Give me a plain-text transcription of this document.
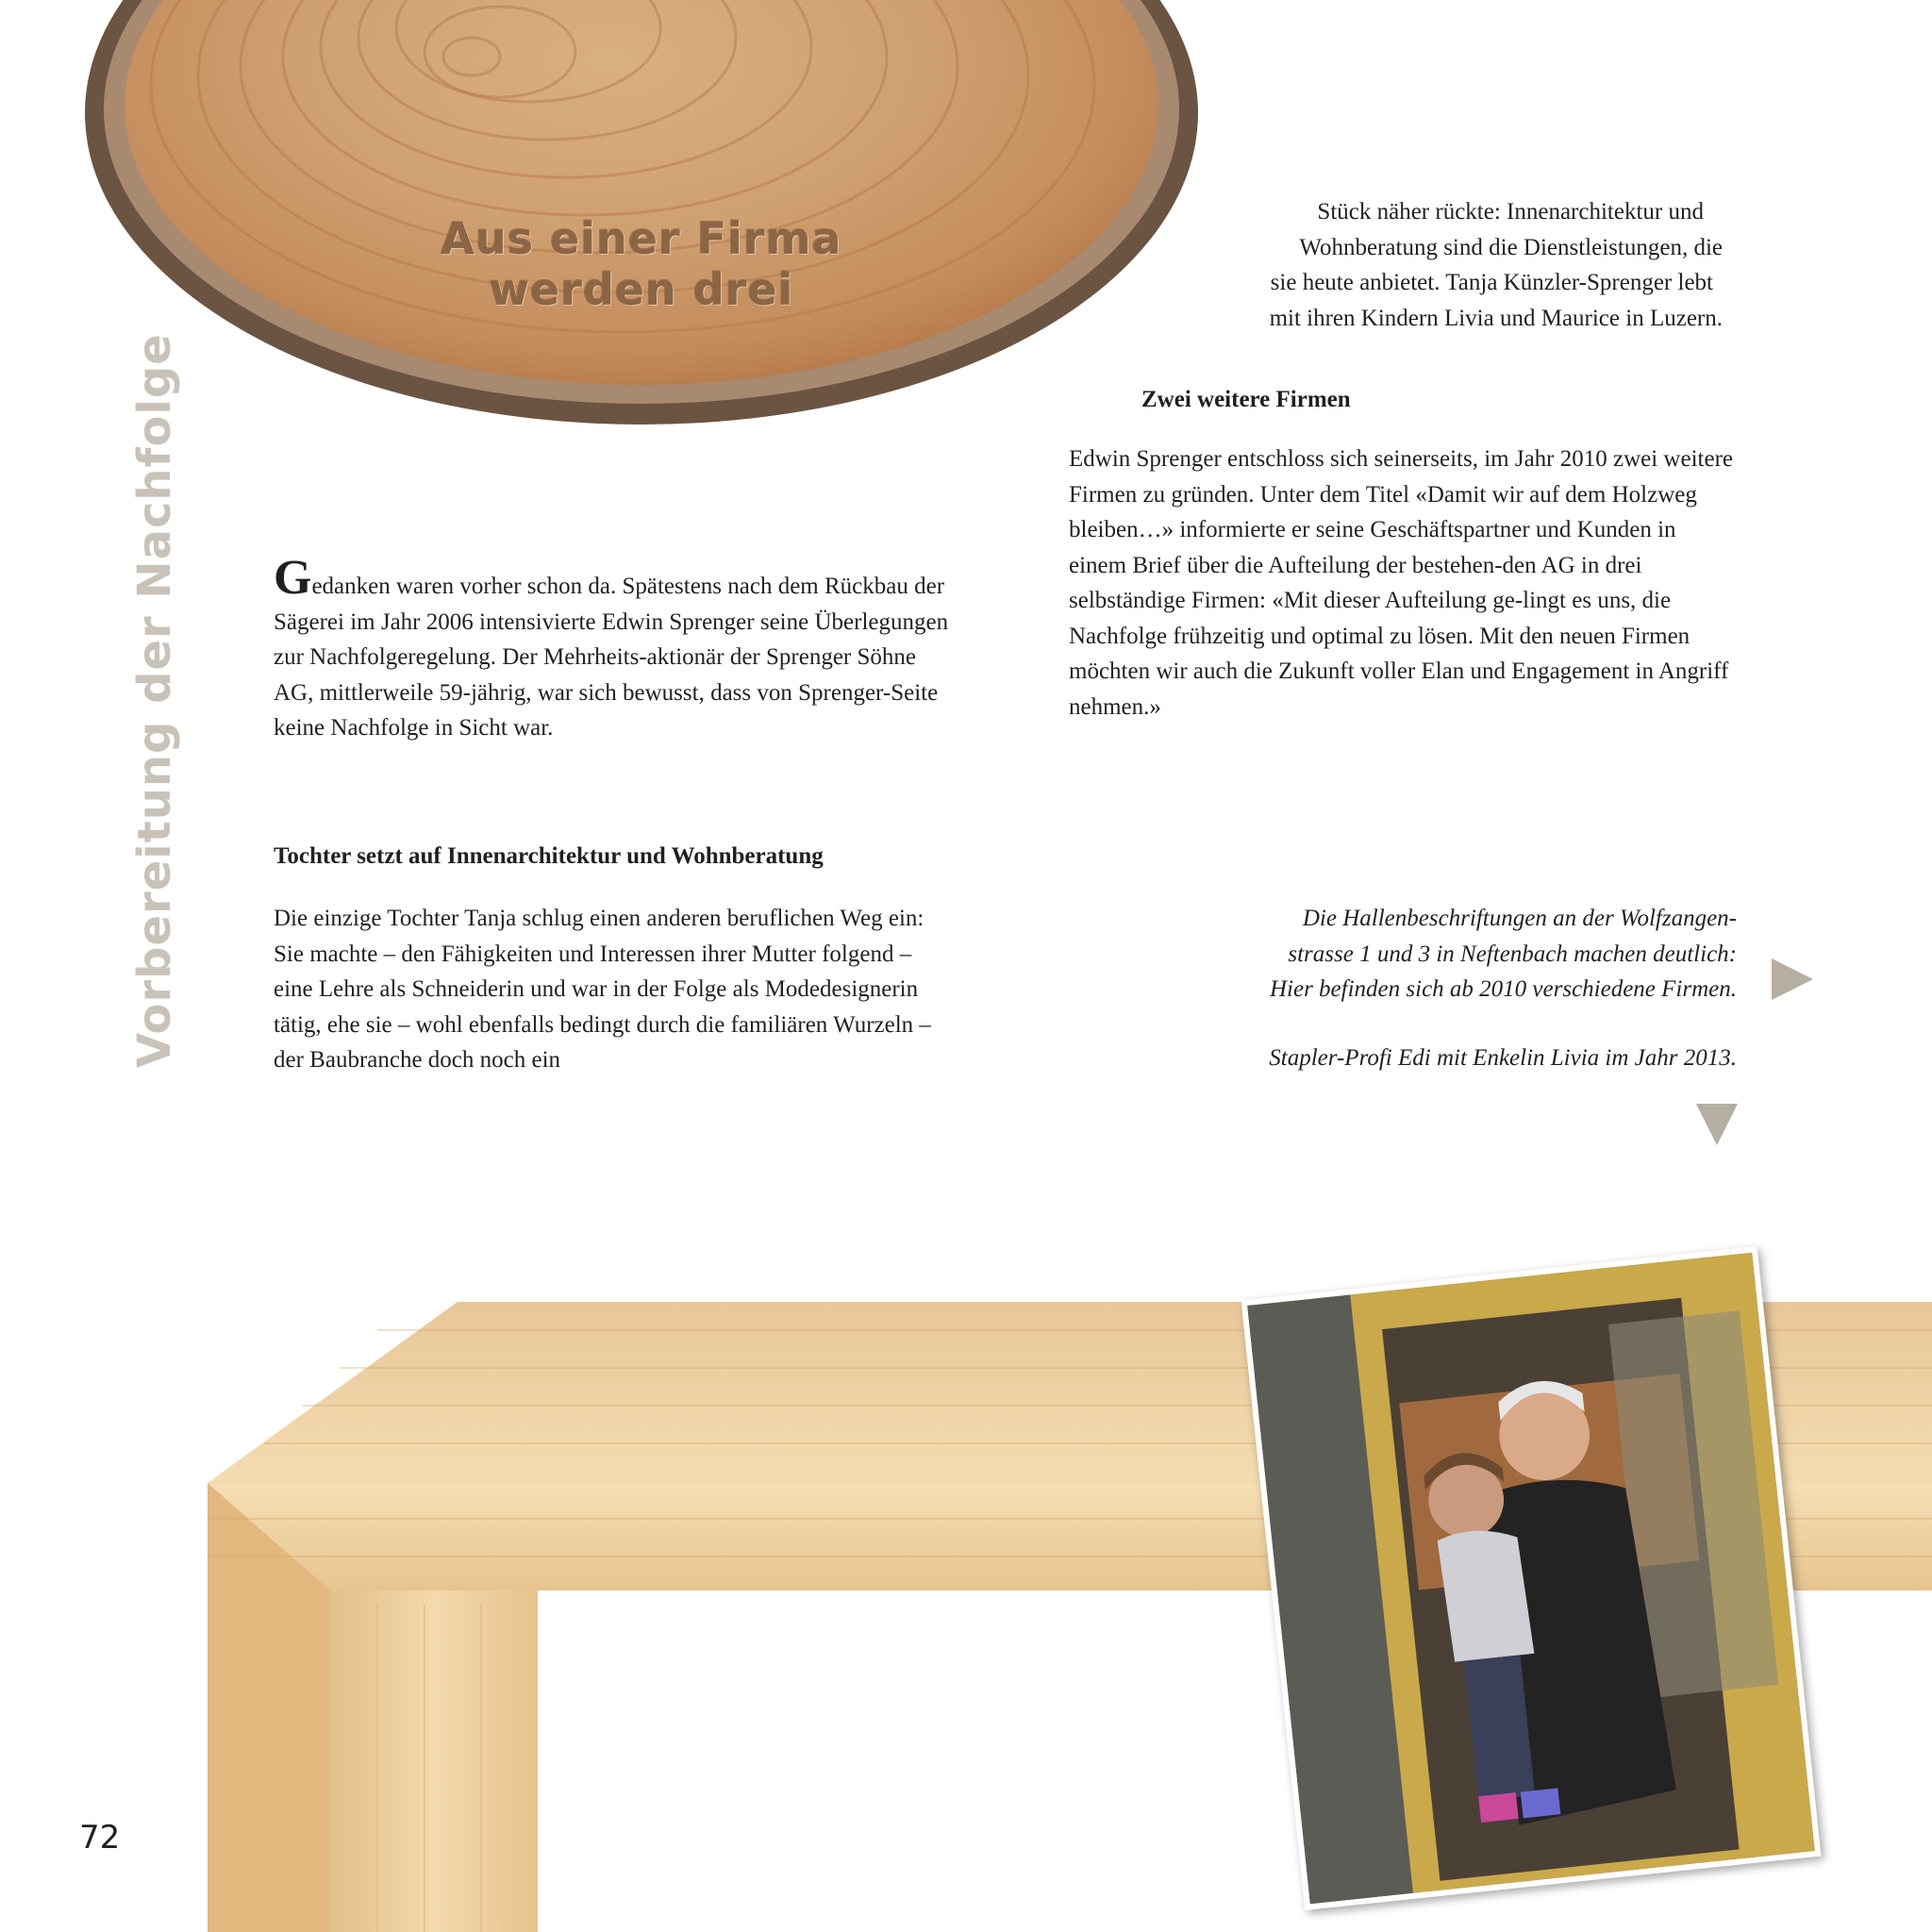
Aus einer Firma
werden drei
Vorbereitung der Nachfolge Gedanken waren vorher schon da. Spätestens nach dem Rückbau der Sägerei im Jahr 2006 intensivierte Edwin Sprenger seine Überlegungen zur Nachfolgeregelung. Der Mehrheits-aktionär der Sprenger Söhne AG, mittlerweile 59-jährig, war sich bewusst, dass von Sprenger-Seite keine Nachfolge in Sicht war.

Tochter setzt auf Innenarchitektur und Wohnberatung

Die einzige Tochter Tanja schlug einen anderen beruflichen Weg ein: Sie machte – den Fähigkeiten und Interessen ihrer Mutter folgend – eine Lehre als Schneiderin und war in der Folge als Modedesignerin tätig, ehe sie – wohl ebenfalls bedingt durch die familiären Wurzeln – der Baubranche doch noch ein

Stück näher rückte: Innenarchitektur und
Wohnberatung sind die Dienstleistungen, die
sie heute anbietet. Tanja Künzler-Sprenger lebt
mit ihren Kindern Livia und Maurice in Luzern.
Zwei weitere Firmen

Edwin Sprenger entschloss sich seinerseits, im Jahr 2010 zwei weitere Firmen zu gründen. Unter dem Titel «Damit wir auf dem Holzweg bleiben…» informierte er seine Geschäftspartner und Kunden in einem Brief über die Aufteilung der bestehen-den AG in drei selbständige Firmen: «Mit dieser Aufteilung ge-lingt es uns, die Nachfolge frühzeitig und optimal zu lösen. Mit den neuen Firmen möchten wir auch die Zukunft voller Elan und Engagement in Angriff nehmen.»

Die Hallenbeschriftungen an der Wolfzangen-
strasse 1 und 3 in Neftenbach machen deutlich:
Hier befinden sich ab 2010 verschiedene Firmen.
Stapler-Profi Edi mit Enkelin Livia im Jahr 2013.
72
